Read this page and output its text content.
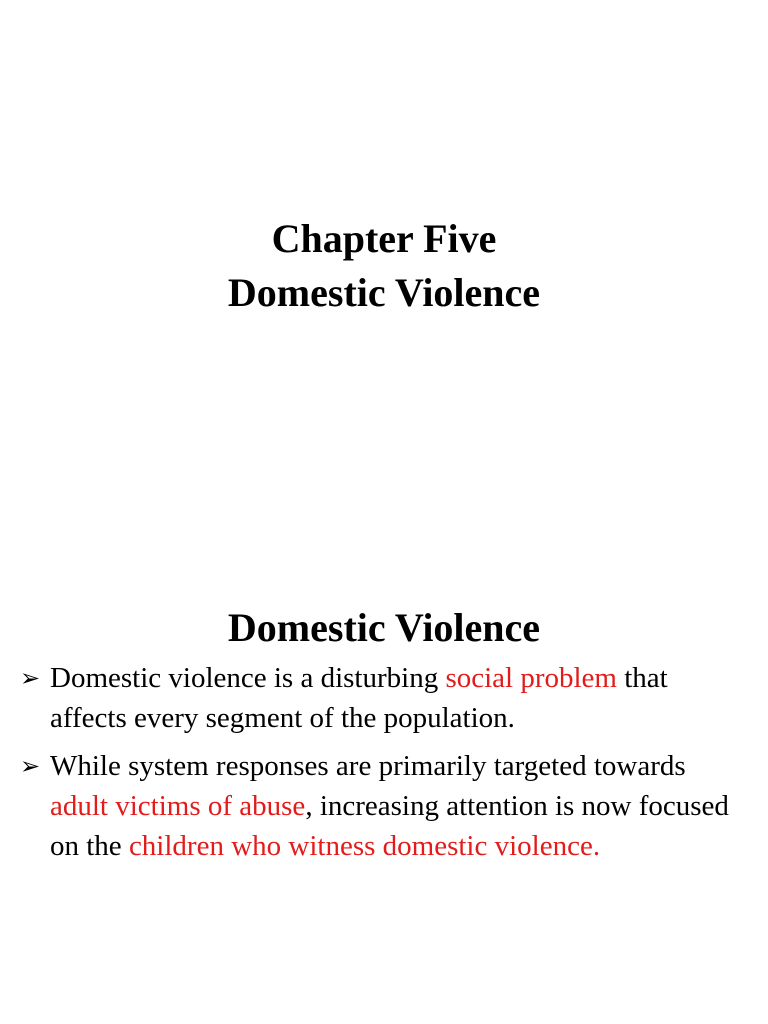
Chapter Five
Domestic Violence
Domestic Violence
➢ Domestic violence is a disturbing social problem that affects every segment of the population.
➢ While system responses are primarily targeted towards adult victims of abuse, increasing attention is now focused on the children who witness domestic violence.
